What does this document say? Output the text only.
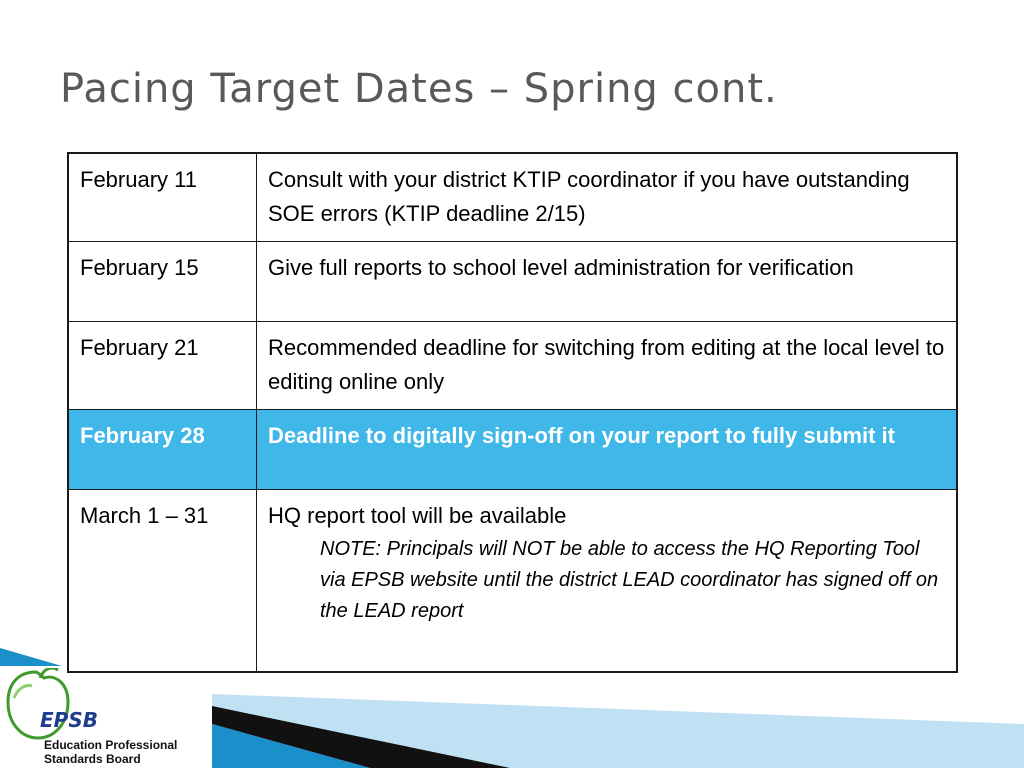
Pacing Target Dates – Spring cont.
February 11	Consult with your district KTIP coordinator if you have outstanding SOE errors (KTIP deadline 2/15)
February 15	Give full reports to school level administration for verification
February 21	Recommended deadline for switching from editing at the local level to editing online only
February 28	Deadline to digitally sign-off on your report to fully submit it
March 1 – 31	HQ report tool will be available
NOTE: Principals will NOT be able to access the HQ Reporting Tool via EPSB website until the district LEAD coordinator has signed off on the LEAD report

EPSB

Education Professional

Standards Board
